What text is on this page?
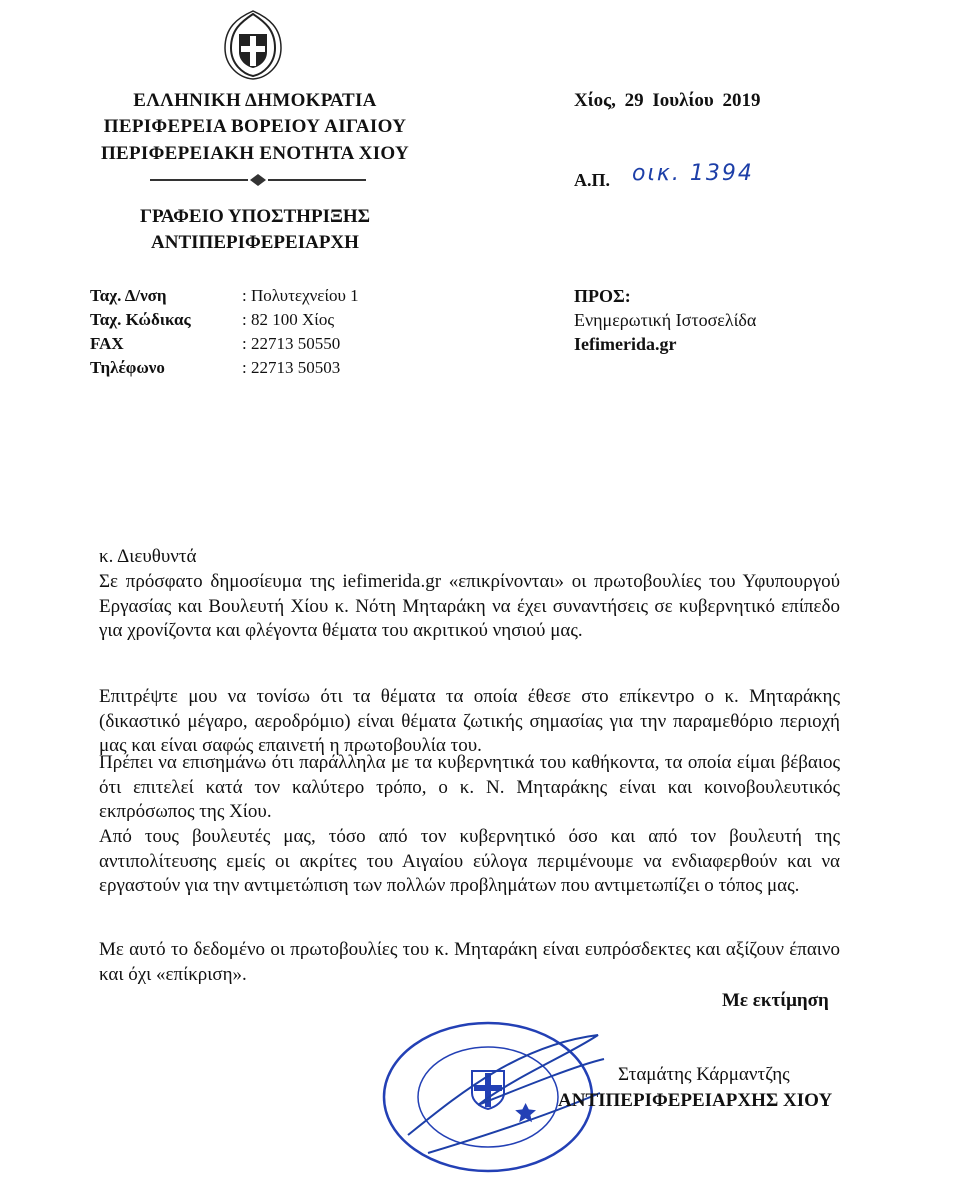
ΕΛΛΗΝΙΚΗ ΔΗΜΟΚΡΑΤΙΑ
ΠΕΡΙΦΕΡΕΙΑ ΒΟΡΕΙΟΥ ΑΙΓΑΙΟΥ
ΠΕΡΙΦΕΡΕΙΑΚΗ ΕΝΟΤΗΤΑ ΧΙΟΥ
ΓΡΑΦΕΙΟ ΥΠΟΣΤΗΡΙΞΗΣ
ΑΝΤΙΠΕΡΙΦΕΡΕΙΑΡΧΗ
Χίος, 29 Ιουλίου 2019
Α.Π. οικ. 1394
Ταχ. Δ/νση	: Πολυτεχνείου 1
Ταχ. Κώδικας	: 82 100 Χίος
FAX	: 22713 50550
Τηλέφωνο	: 22713 50503
ΠΡΟΣ:
Ενημερωτική Ιστοσελίδα
Iefimerida.gr
κ. Διευθυντά
Σε πρόσφατο δημοσίευμα της iefimerida.gr «επικρίνονται» οι πρωτοβουλίες του Υφυπουργού Εργασίας και Βουλευτή Χίου κ. Νότη Μηταράκη να έχει συναντήσεις σε κυβερνητικό επίπεδο για χρονίζοντα και φλέγοντα θέματα του ακριτικού νησιού μας.
Επιτρέψτε μου να τονίσω ότι τα θέματα τα οποία έθεσε στο επίκεντρο ο κ. Μηταράκης (δικαστικό μέγαρο, αεροδρόμιο) είναι θέματα ζωτικής σημασίας για την παραμεθόριο περιοχή μας και είναι σαφώς επαινετή η πρωτοβουλία του.
Πρέπει να επισημάνω ότι παράλληλα με τα κυβερνητικά του καθήκοντα, τα οποία είμαι βέβαιος ότι επιτελεί κατά τον καλύτερο τρόπο, ο κ. Ν. Μηταράκης είναι και κοινοβουλευτικός εκπρόσωπος της Χίου.
Από τους βουλευτές μας, τόσο από τον κυβερνητικό όσο και από τον βουλευτή της αντιπολίτευσης εμείς οι ακρίτες του Αιγαίου εύλογα περιμένουμε να ενδιαφερθούν και να εργαστούν για την αντιμετώπιση των πολλών προβλημάτων που αντιμετωπίζει ο τόπος μας.
Με αυτό το δεδομένο οι πρωτοβουλίες του κ. Μηταράκη είναι ευπρόσδεκτες και αξίζουν έπαινο και όχι «επίκριση».
Με εκτίμηση
Σταμάτης Κάρμαντζης
ΑΝΤΙΠΕΡΙΦΕΡΕΙΑΡΧΗΣ ΧΙΟΥ
